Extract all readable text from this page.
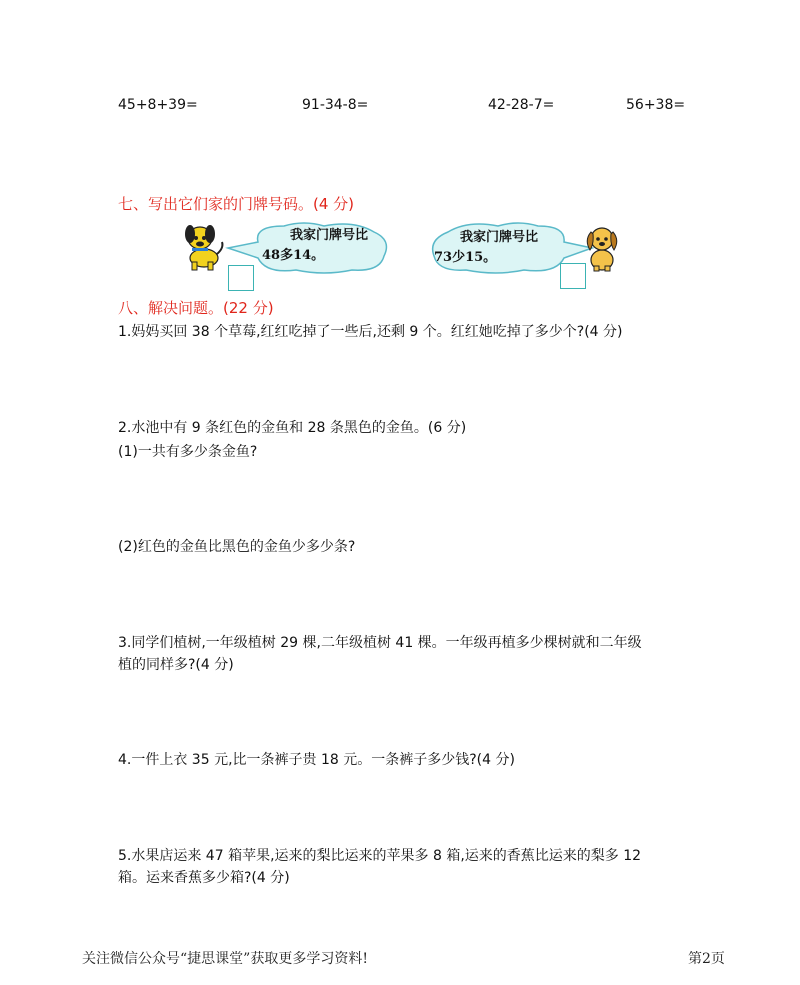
45+8+39=	91-34-8=	42-28-7=	56+38=
七、写出它们家的门牌号码。(4 分)
我家门牌号比
48多14。
我家门牌号比
73少15。
八、解决问题。(22 分)
1.妈妈买回 38 个草莓,红红吃掉了一些后,还剩 9 个。红红她吃掉了多少个?(4 分)
2.水池中有 9 条红色的金鱼和 28 条黑色的金鱼。(6 分)
(1)一共有多少条金鱼?
(2)红色的金鱼比黑色的金鱼少多少条?
3.同学们植树,一年级植树 29 棵,二年级植树 41 棵。一年级再植多少棵树就和二年级
植的同样多?(4 分)
4.一件上衣 35 元,比一条裤子贵 18 元。一条裤子多少钱?(4 分)
5.水果店运来 47 箱苹果,运来的梨比运来的苹果多 8 箱,运来的香蕉比运来的梨多 12
箱。运来香蕉多少箱?(4 分)
关注微信公众号“捷思课堂”获取更多学习资料!	第2页
